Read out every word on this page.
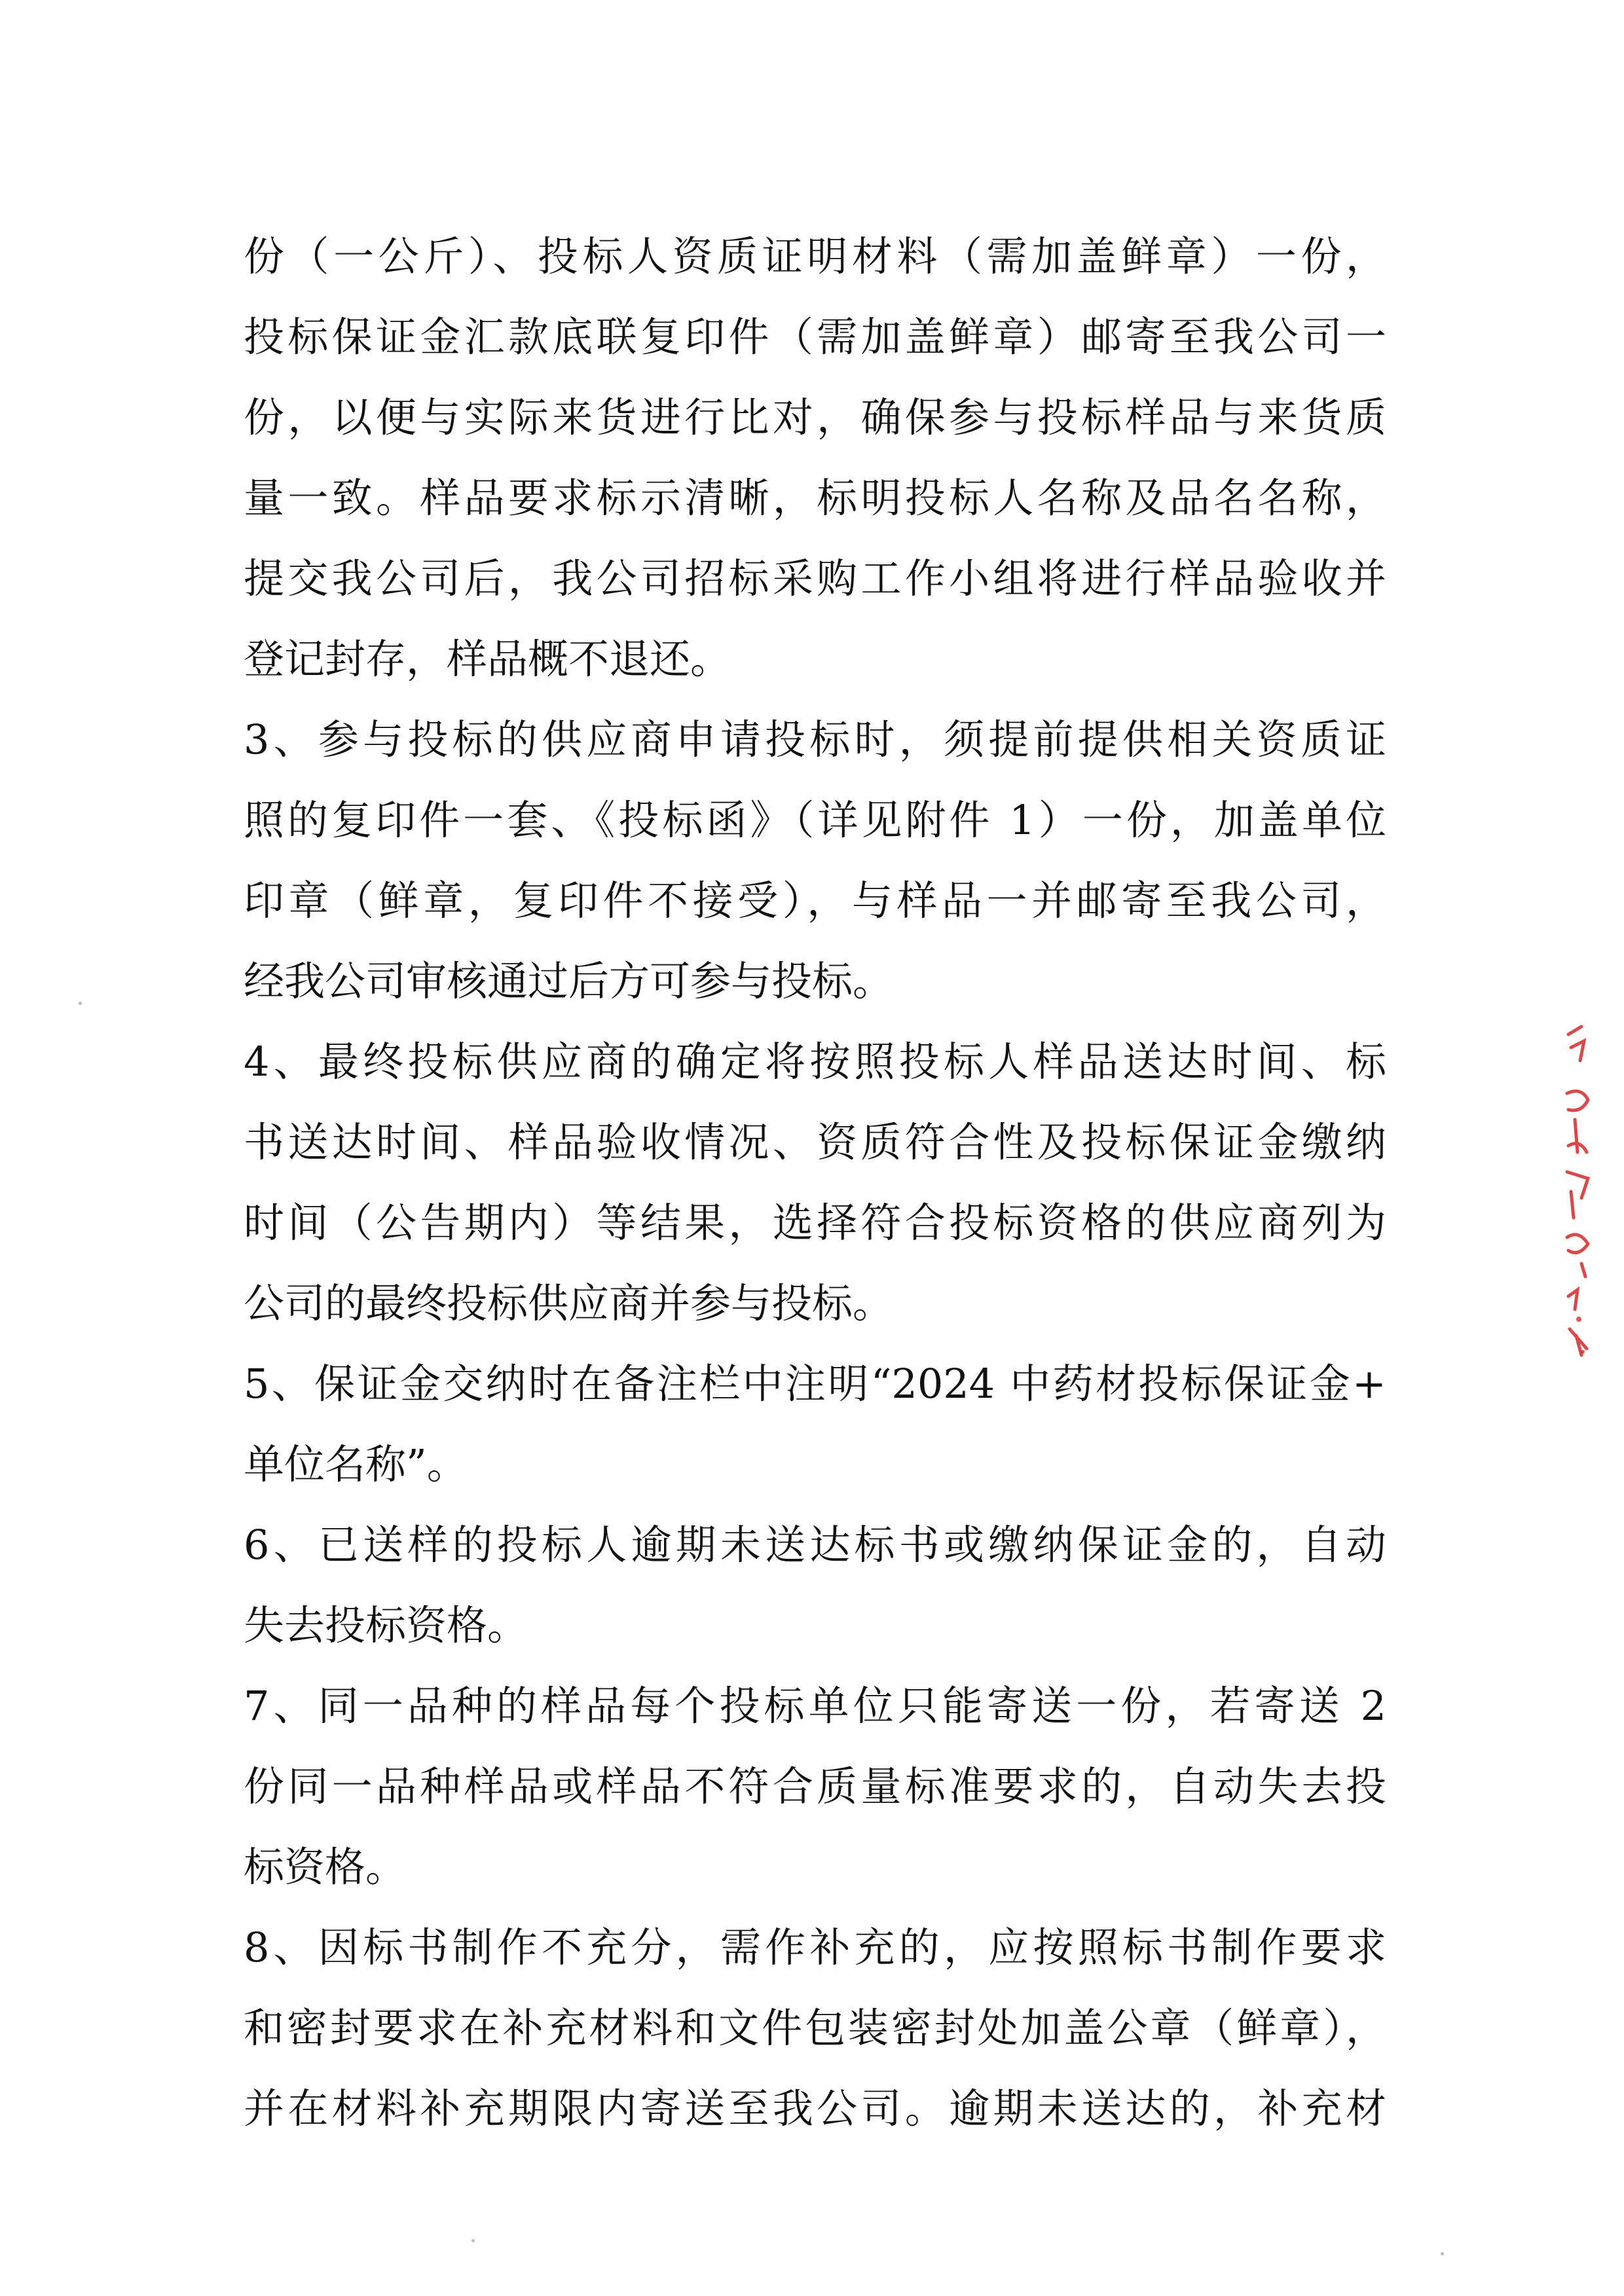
份（一公斤）、投标人资质证明材料（需加盖鲜章）一份，
投标保证金汇款底联复印件（需加盖鲜章）邮寄至我公司一
份，以便与实际来货进行比对，确保参与投标样品与来货质
量一致。样品要求标示清晰，标明投标人名称及品名名称，
提交我公司后，我公司招标采购工作小组将进行样品验收并
登记封存，样品概不退还。
3、参与投标的供应商申请投标时，须提前提供相关资质证
照的复印件一套、《投标函》（详见附件 1）一份，加盖单位
印章（鲜章，复印件不接受），与样品一并邮寄至我公司，
经我公司审核通过后方可参与投标。
4、最终投标供应商的确定将按照投标人样品送达时间、标
书送达时间、样品验收情况、资质符合性及投标保证金缴纳
时间（公告期内）等结果，选择符合投标资格的供应商列为
公司的最终投标供应商并参与投标。
5、保证金交纳时在备注栏中注明“2024 中药材投标保证金+
单位名称”。
6、已送样的投标人逾期未送达标书或缴纳保证金的，自动
失去投标资格。
7、同一品种的样品每个投标单位只能寄送一份，若寄送 2
份同一品种样品或样品不符合质量标准要求的，自动失去投
标资格。
8、因标书制作不充分，需作补充的，应按照标书制作要求
和密封要求在补充材料和文件包装密封处加盖公章（鲜章），
并在材料补充期限内寄送至我公司。逾期未送达的，补充材
